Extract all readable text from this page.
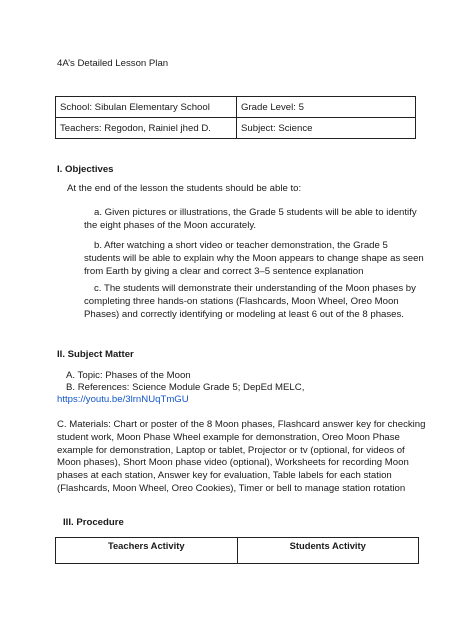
4A’s Detailed Lesson Plan
School: Sibulan Elementary School	Grade Level: 5
Teachers: Regodon, Rainiel jhed D.	Subject: Science
I. Objectives
At the end of the lesson the students should be able to:
a. Given pictures or illustrations, the Grade 5 students will be able to identify
the eight phases of the Moon accurately.
b. After watching a short video or teacher demonstration, the Grade 5
students will be able to explain why the Moon appears to change shape as seen
from Earth by giving a clear and correct 3–5 sentence explanation
c. The students will demonstrate their understanding of the Moon phases by
completing three hands-on stations (Flashcards, Moon Wheel, Oreo Moon
Phases) and correctly identifying or modeling at least 6 out of the 8 phases.
II. Subject Matter
A. Topic: Phases of the Moon
B. References: Science Module Grade 5; DepEd MELC,
https://youtu.be/3lrnNUqTmGU
C. Materials: Chart or poster of the 8 Moon phases, Flashcard answer key for checking
student work, Moon Phase Wheel example for demonstration, Oreo Moon Phase
example for demonstration, Laptop or tablet, Projector or tv (optional, for videos of
Moon phases), Short Moon phase video (optional), Worksheets for recording Moon
phases at each station, Answer key for evaluation, Table labels for each station
(Flashcards, Moon Wheel, Oreo Cookies), Timer or bell to manage station rotation
III. Procedure
Teachers Activity	Students Activity
